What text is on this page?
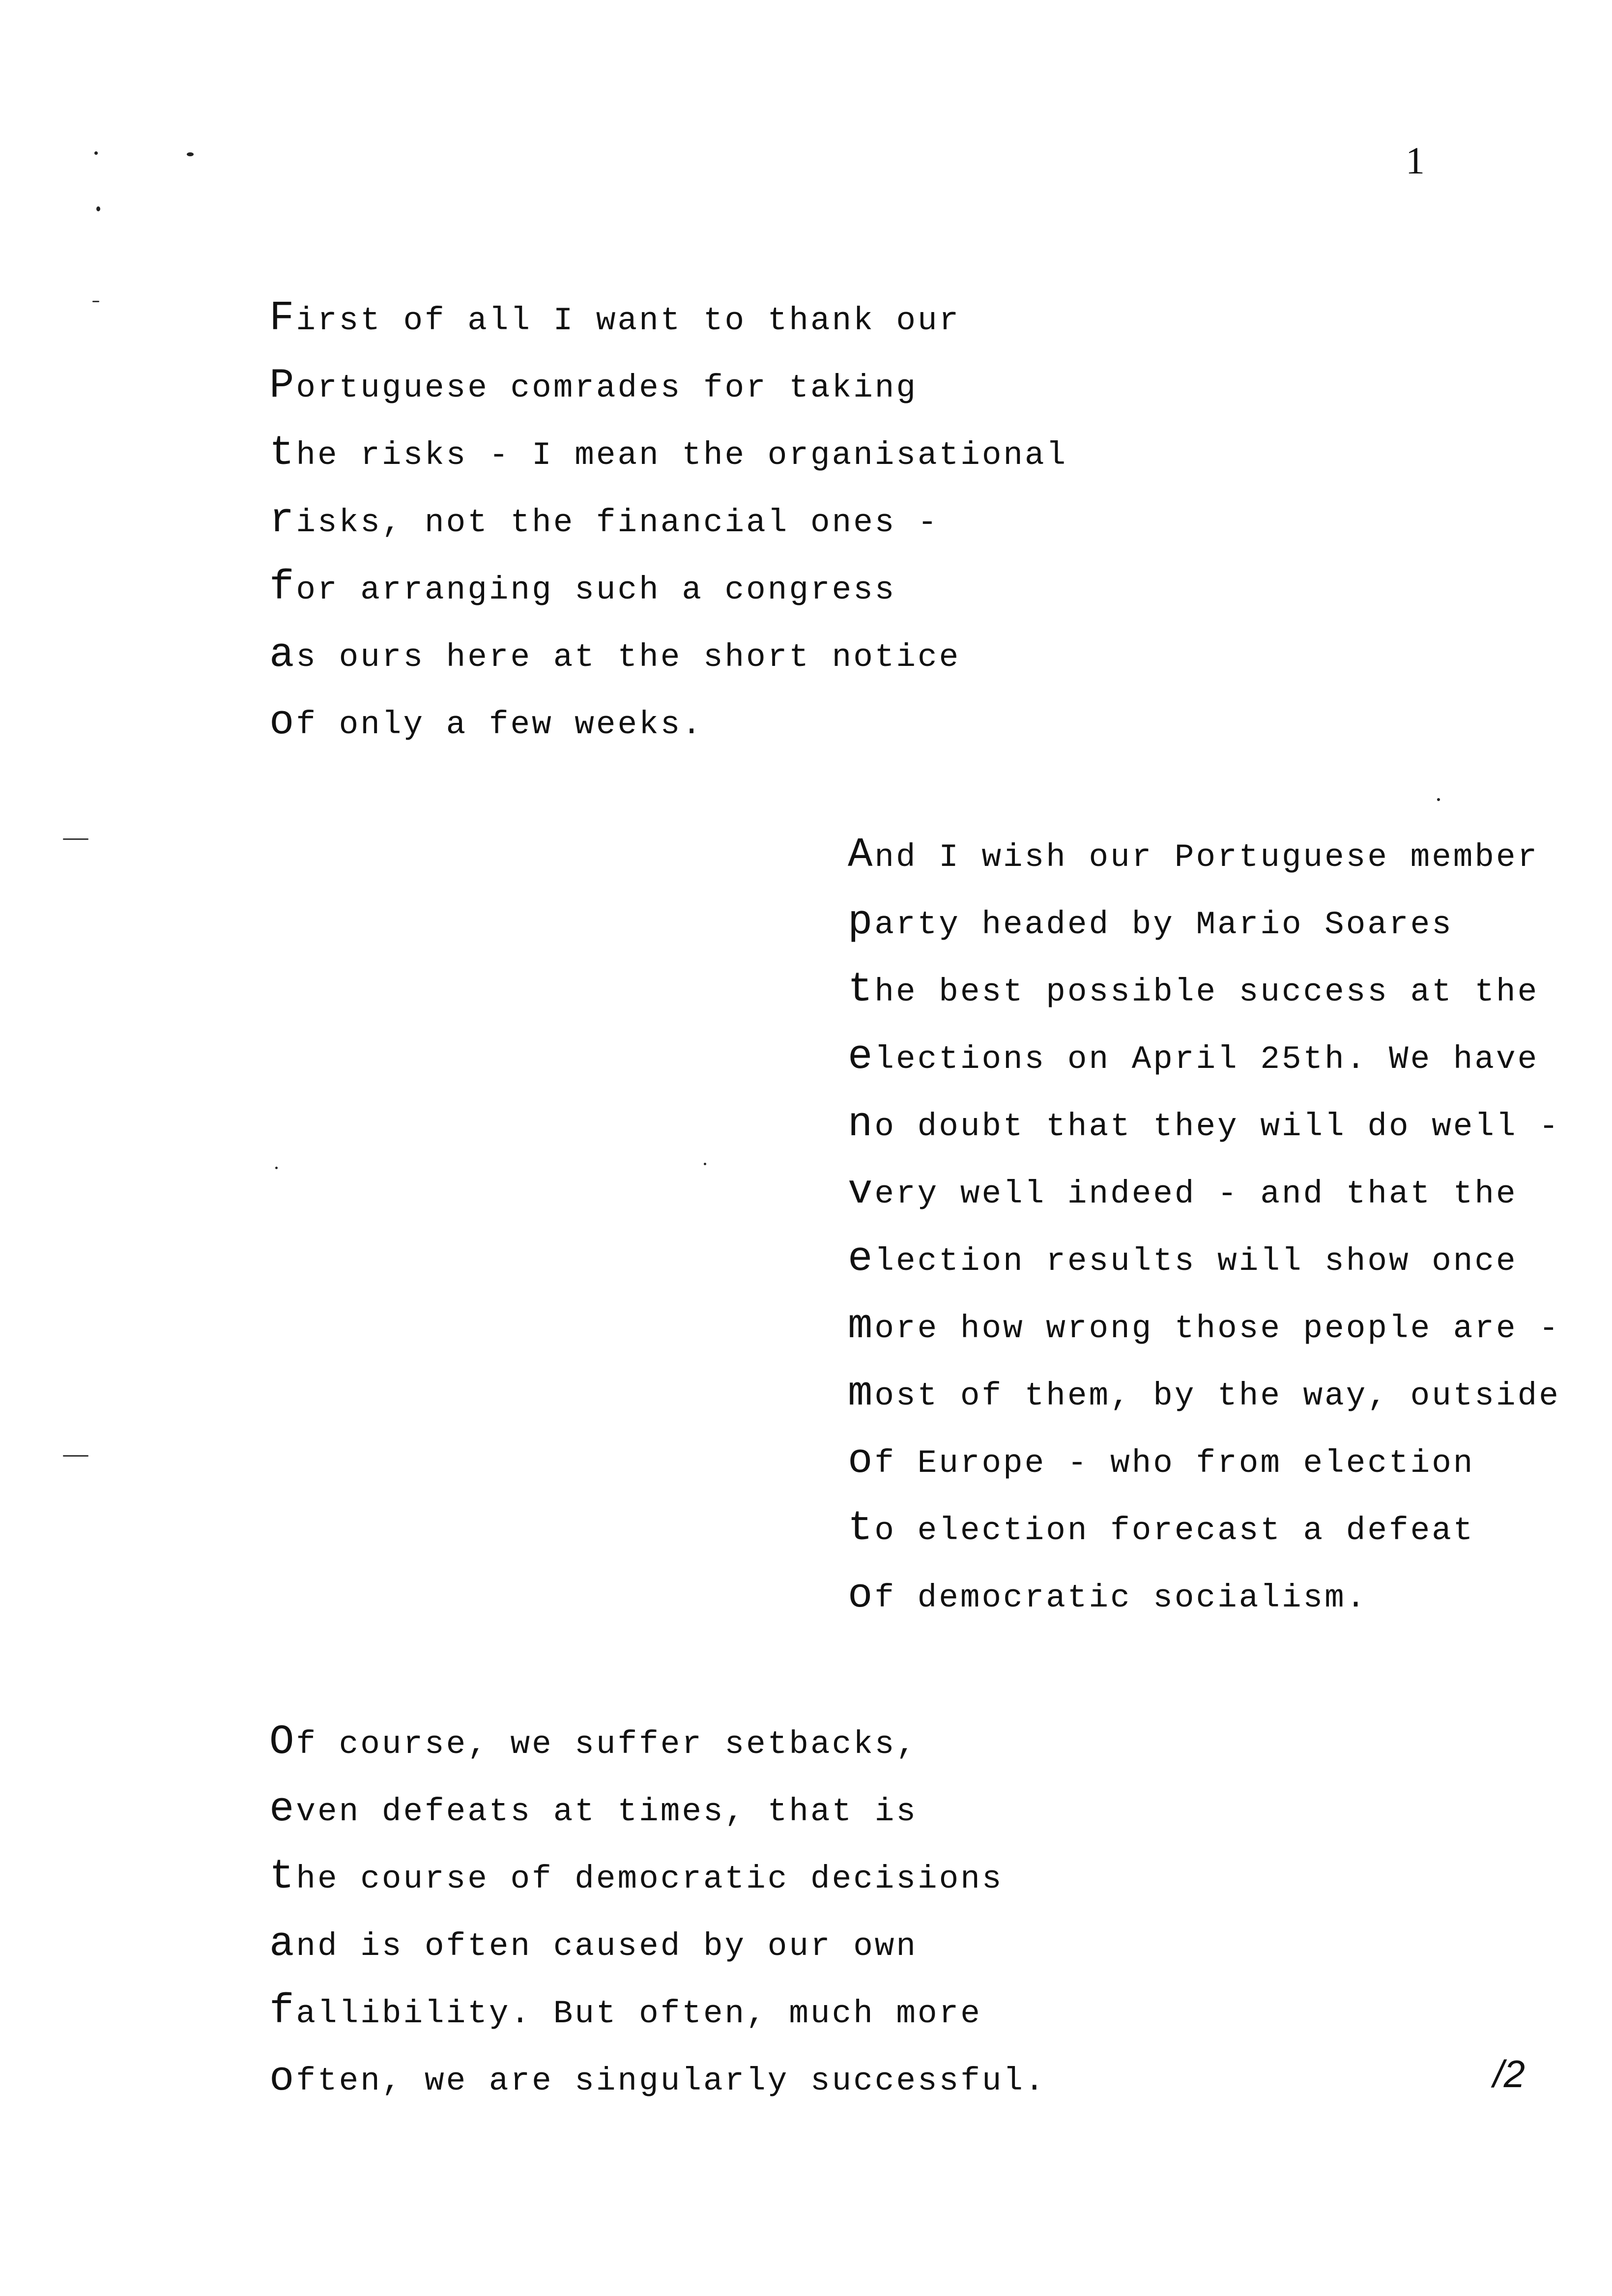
1
First of all I want to thank our
Portuguese comrades for taking
the risks - I mean the organisational
risks, not the financial ones -
for arranging such a congress
as ours here at the short notice
of only a few weeks.
And I wish our Portuguese member
party headed by Mario Soares
the best possible success at the
elections on April 25th. We have
no doubt that they will do well -
very well indeed - and that the
election results will show once
more how wrong those people are -
most of them, by the way, outside
of Europe - who from election
to election forecast a defeat
of democratic socialism.
Of course, we suffer setbacks,
even defeats at times, that is
the course of democratic decisions
and is often caused by our own
fallibility. But often, much more
often, we are singularly successful.	/2
